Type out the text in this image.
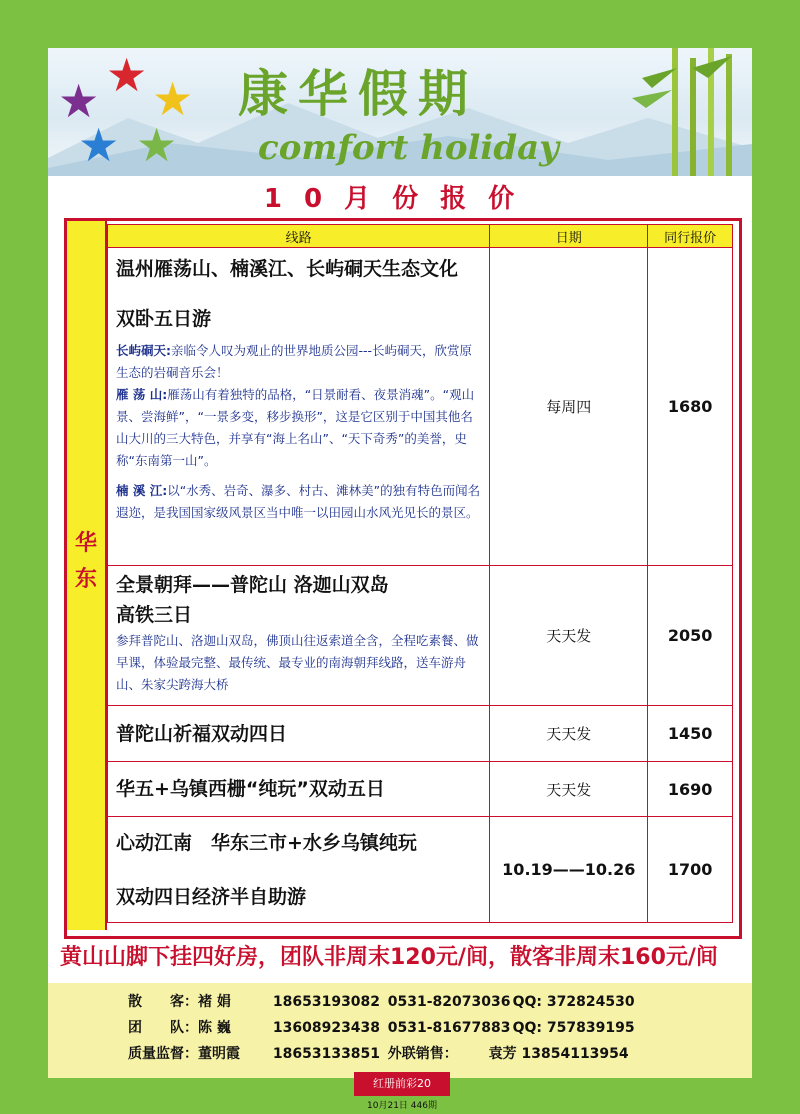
★
★ ★
★ ★
康华假期
comfort holiday
10月份报价
华东
线路	日期	同行报价

温州雁荡山、楠溪江、长屿硐天生态文化
双卧五日游
长屿硐天:亲临令人叹为观止的世界地质公园---长屿硐天，欣赏原生态的岩硐音乐会！
雁 荡 山:雁荡山有着独特的品格，“日景耐看、夜景消魂”。“观山景、尝海鲜”，“一景多变，移步换形”，这是它区别于中国其他名山大川的三大特色，并享有“海上名山”、“天下奇秀”的美誉，史称“东南第一山”。
楠 溪 江:以“水秀、岩奇、瀑多、村古、滩林美”的独有特色而闻名遐迩，是我国国家级风景区当中唯一以田园山水风光见长的景区。	每周四	1680

全景朝拜——普陀山 洛迦山双岛
高铁三日
参拜普陀山、洛迦山双岛，佛顶山往返索道全含，全程吃素餐、做早课，体验最完整、最传统、最专业的南海朝拜线路，送车游舟山、朱家尖跨海大桥	天天发	2050

普陀山祈福双动四日	天天发	1450

华五+乌镇西栅“纯玩”双动五日	天天发	1690

心动江南　华东三市+水乡乌镇纯玩
双动四日经济半自助游	10.19——10.26	1700
黄山山脚下挂四好房，团队非周末120元/间，散客非周末160元/间
散　　客：褚 娟	18653193082 0531-82073036 QQ: 372824530
团　　队：陈 巍	13608923438 0531-81677883 QQ: 757839195
质量监督：董明霞 18653133851 外联销售： 袁芳 13854113954
红册前彩20
10月21日 446期
